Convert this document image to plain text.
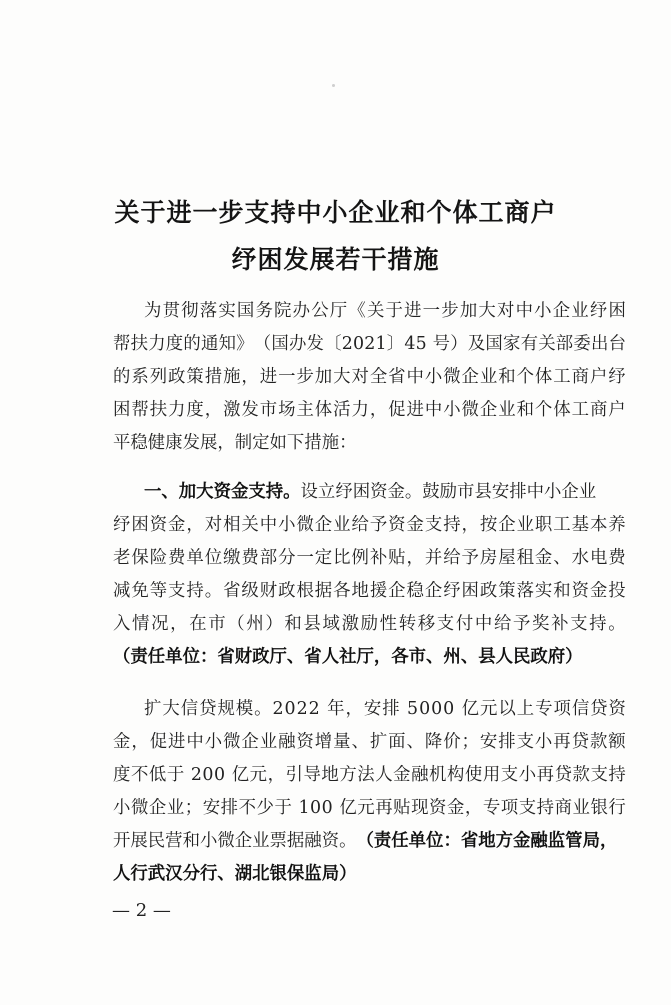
关于进一步支持中小企业和个体工商户
纾困发展若干措施
为 贯 彻 落 实 国 务 院 办 公 厅 《 关 于 进 一 步 加 大 对 中 小 企 业 纾 困
帮 扶 力 度 的 通 知 》 （ 国 办 发 〔 2 0 2 1 〕 4 5
号 ） 及 国 家 有 关 部 委 出 台
的 系 列 政 策 措 施 ， 进 一 步 加 大 对 全 省 中 小 微 企 业 和 个 体 工 商 户 纾
困 帮 扶 力 度 ， 激 发 市 场 主 体 活 力 ， 促 进 中 小 微 企 业 和 个 体 工 商 户
平稳健康发展，制定如下措施：
一、加大资金支持。 设立纾困资金。鼓励市县安排中小企业
纾 困 资 金 ， 对 相 关 中 小 微 企 业 给 予 资 金 支 持 ， 按 企 业 职 工 基 本 养
老 保 险 费 单 位 缴 费 部 分 一 定 比 例 补 贴 ， 并 给 予 房 屋 租 金 、 水 电 费
减 免 等 支 持 。 省 级 财 政 根 据 各 地 援 企 稳 企 纾 困 政 策 落 实 和 资 金 投
入 情 况 ， 在 市 （ 州 ） 和 县 域 激 励 性 转 移 支 付 中 给 予 奖 补 支 持 。
（责任单位：省财政厅、省人社厅，各市、州、县人民政府）
扩 大 信 贷 规 模 。 2 0 2 2
年 ， 安 排
5 0 0 0
亿 元 以 上 专 项 信 贷 资
金 ， 促 进 中 小 微 企 业 融 资 增 量 、 扩 面 、 降 价 ； 安 排 支 小 再 贷 款 额
度 不 低 于
2 0 0
亿 元 ， 引 导 地 方 法 人 金 融 机 构 使 用 支 小 再 贷 款 支 持
小 微 企 业 ； 安 排 不 少 于
1 0 0
亿 元 再 贴 现 资 金 ， 专 项 支 持 商 业 银 行
开展民营和小微企业票据融资。 （责任单位：省地方金融监管局，
人行武汉分行、湖北银保监局）
— 2 —
